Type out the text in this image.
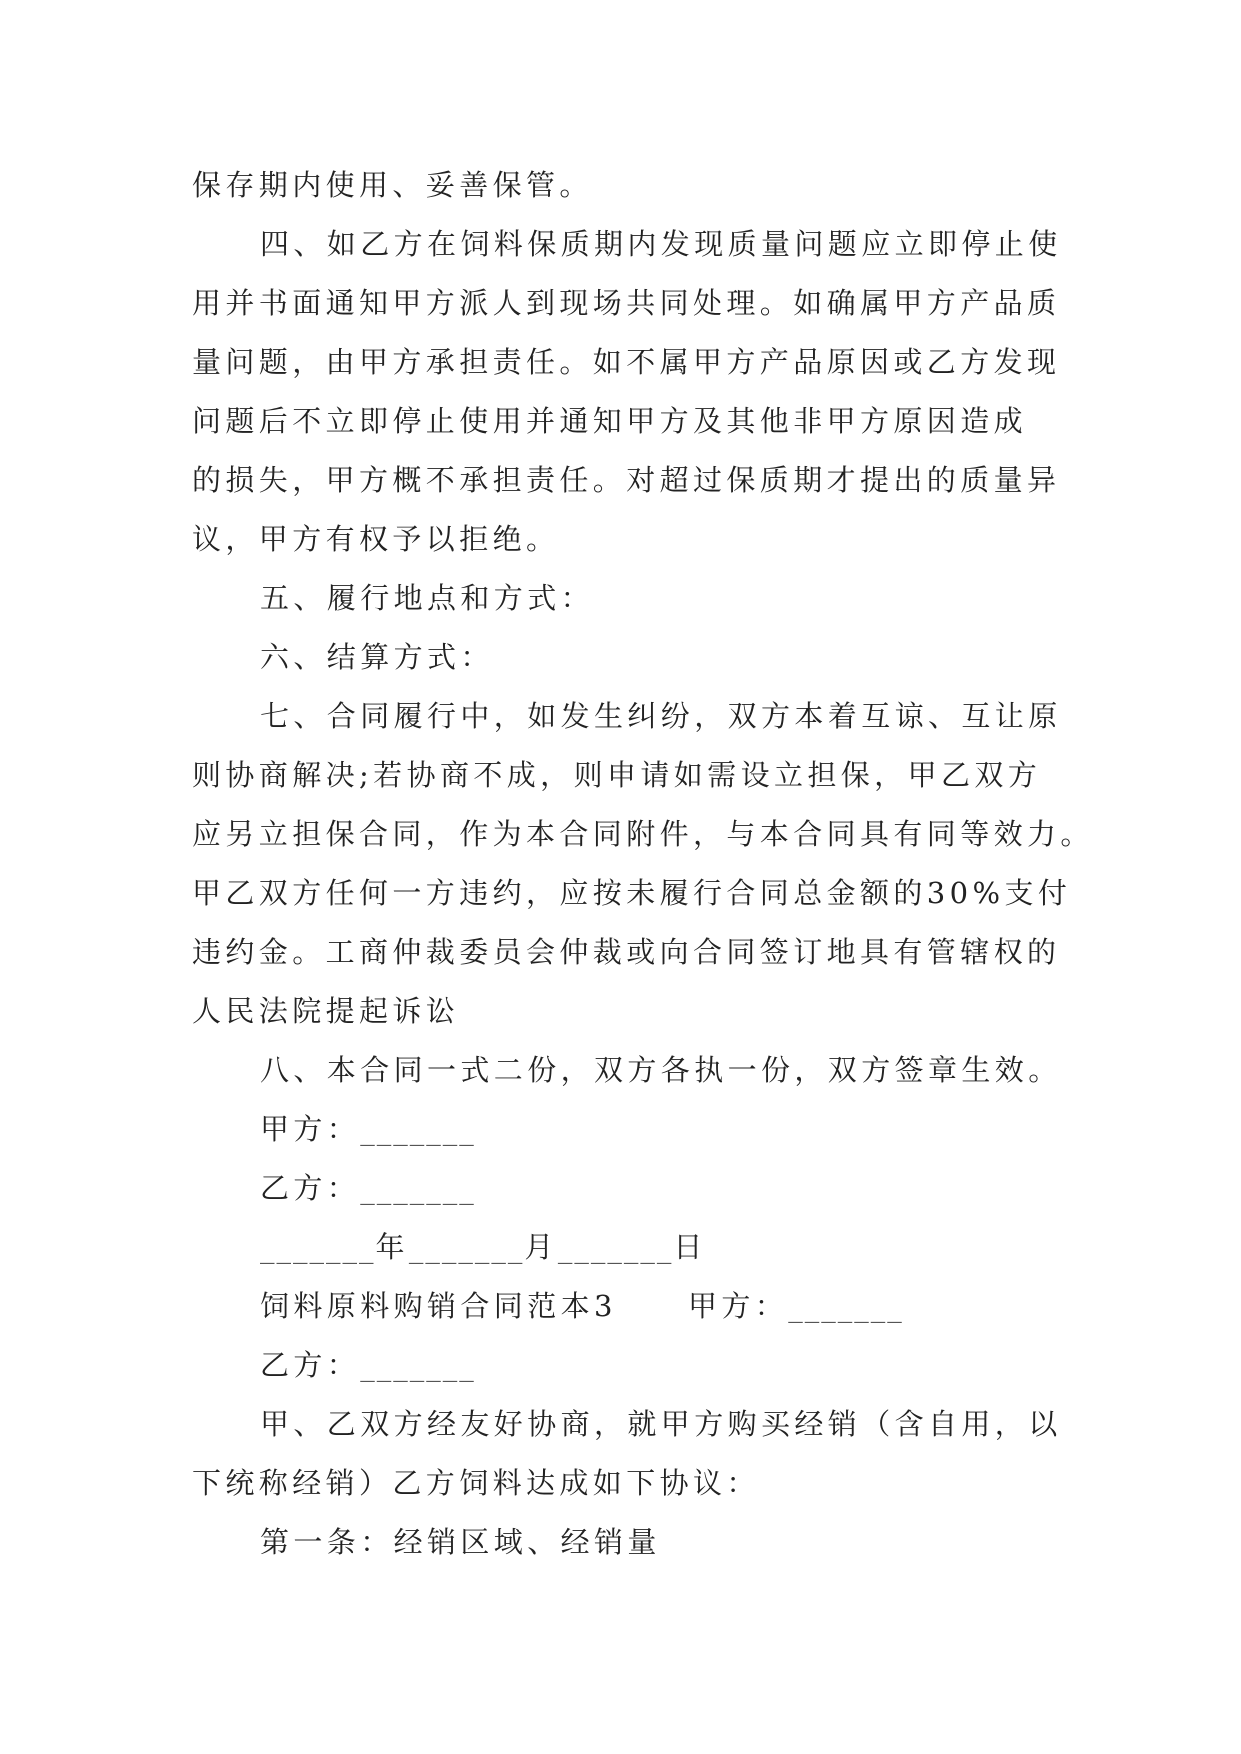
保存期内使用、妥善保管。
四、如乙方在饲料保质期内发现质量问题应立即停止使
用并书面通知甲方派人到现场共同处理。如确属甲方产品质
量问题，由甲方承担责任。如不属甲方产品原因或乙方发现
问题后不立即停止使用并通知甲方及其他非甲方原因造成
的损失，甲方概不承担责任。对超过保质期才提出的质量异
议，甲方有权予以拒绝。
五、履行地点和方式：
六、结算方式：
七、合同履行中，如发生纠纷，双方本着互谅、互让原
则协商解决;若协商不成，则申请如需设立担保，甲乙双方
应另立担保合同，作为本合同附件，与本合同具有同等效力。
甲乙双方任何一方违约，应按未履行合同总金额的30%支付
违约金。工商仲裁委员会仲裁或向合同签订地具有管辖权的
人民法院提起诉讼
八、本合同一式二份，双方各执一份，双方签章生效。
甲方：_______
乙方：_______
_______年_______月_______日
饲料原料购销合同范本3 甲方：_______
乙方：_______
甲、乙双方经友好协商，就甲方购买经销（含自用，以
下统称经销）乙方饲料达成如下协议：
第一条：经销区域、经销量
